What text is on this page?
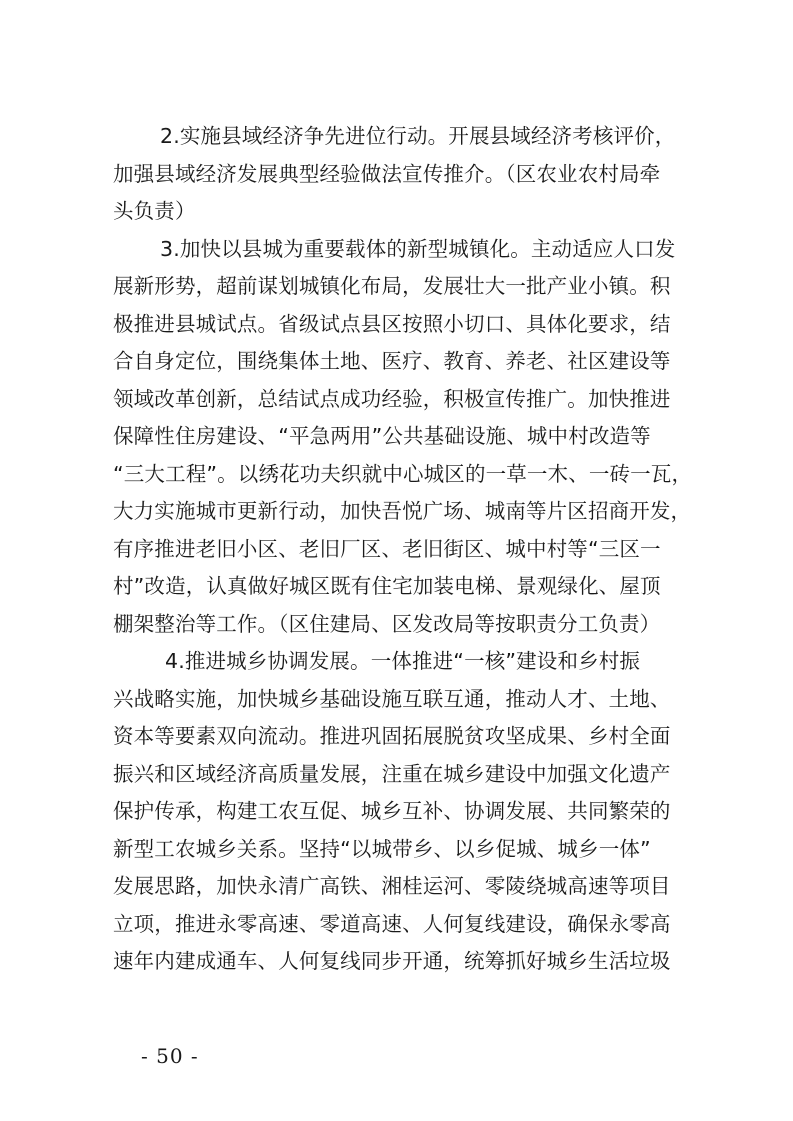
2.实施县域经济争先进位行动。开展县域经济考核评价，
加强县域经济发展典型经验做法宣传推介。（区农业农村局牵
头负责）
3.加快以县城为重要载体的新型城镇化。主动适应人口发
展新形势，超前谋划城镇化布局，发展壮大一批产业小镇。积
极推进县城试点。省级试点县区按照小切口、具体化要求，结
合自身定位，围绕集体土地、医疗、教育、养老、社区建设等
领域改革创新，总结试点成功经验，积极宣传推广。加快推进
保障性住房建设、“平急两用”公共基础设施、城中村改造等
“三大工程”。以绣花功夫织就中心城区的一草一木、一砖一瓦，
大力实施城市更新行动，加快吾悦广场、城南等片区招商开发，
有序推进老旧小区、老旧厂区、老旧街区、城中村等“三区一
村”改造，认真做好城区既有住宅加装电梯、景观绿化、屋顶
棚架整治等工作。（区住建局、区发改局等按职责分工负责）
4.推进城乡协调发展。一体推进“一核”建设和乡村振
兴战略实施，加快城乡基础设施互联互通，推动人才、土地、
资本等要素双向流动。推进巩固拓展脱贫攻坚成果、乡村全面
振兴和区域经济高质量发展，注重在城乡建设中加强文化遗产
保护传承，构建工农互促、城乡互补、协调发展、共同繁荣的
新型工农城乡关系。坚持“以城带乡、以乡促城、城乡一体”
发展思路，加快永清广高铁、湘桂运河、零陵绕城高速等项目
立项，推进永零高速、零道高速、人何复线建设，确保永零高
速年内建成通车、人何复线同步开通，统筹抓好城乡生活垃圾
- 50 -
